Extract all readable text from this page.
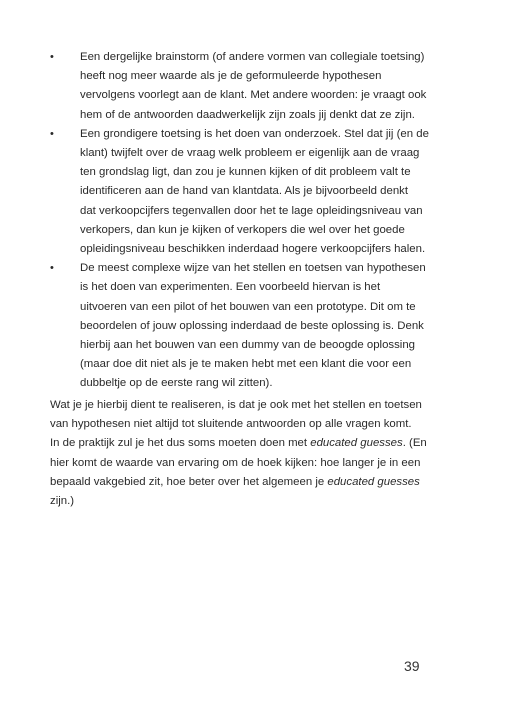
• Een dergelijke brainstorm (of andere vormen van collegiale toetsing)

heeft nog meer waarde als je de geformuleerde hypothesen

vervolgens voorlegt aan de klant. Met andere woorden: je vraagt ook

hem of de antwoorden daadwerkelijk zijn zoals jij denkt dat ze zijn.

• Een grondigere toetsing is het doen van onderzoek. Stel dat jij (en de

klant) twijfelt over de vraag welk probleem er eigenlijk aan de vraag

ten grondslag ligt, dan zou je kunnen kijken of dit probleem valt te

identificeren aan de hand van klantdata. Als je bijvoorbeeld denkt

dat verkoopcijfers tegenvallen door het te lage opleidingsniveau van

verkopers, dan kun je kijken of verkopers die wel over het goede

opleidingsniveau beschikken inderdaad hogere verkoopcijfers halen.

• De meest complexe wijze van het stellen en toetsen van hypothesen

is het doen van experimenten. Een voorbeeld hiervan is het

uitvoeren van een pilot of het bouwen van een prototype. Dit om te

beoordelen of jouw oplossing inderdaad de beste oplossing is. Denk

hierbij aan het bouwen van een dummy van de beoogde oplossing

(maar doe dit niet als je te maken hebt met een klant die voor een

dubbeltje op de eerste rang wil zitten).

Wat je je hierbij dient te realiseren, is dat je ook met het stellen en toetsen

van hypothesen niet altijd tot sluitende antwoorden op alle vragen komt.

In de praktijk zul je het dus soms moeten doen met educated guesses. (En

hier komt de waarde van ervaring om de hoek kijken: hoe langer je in een

bepaald vakgebied zit, hoe beter over het algemeen je educated guesses

zijn.)

39
